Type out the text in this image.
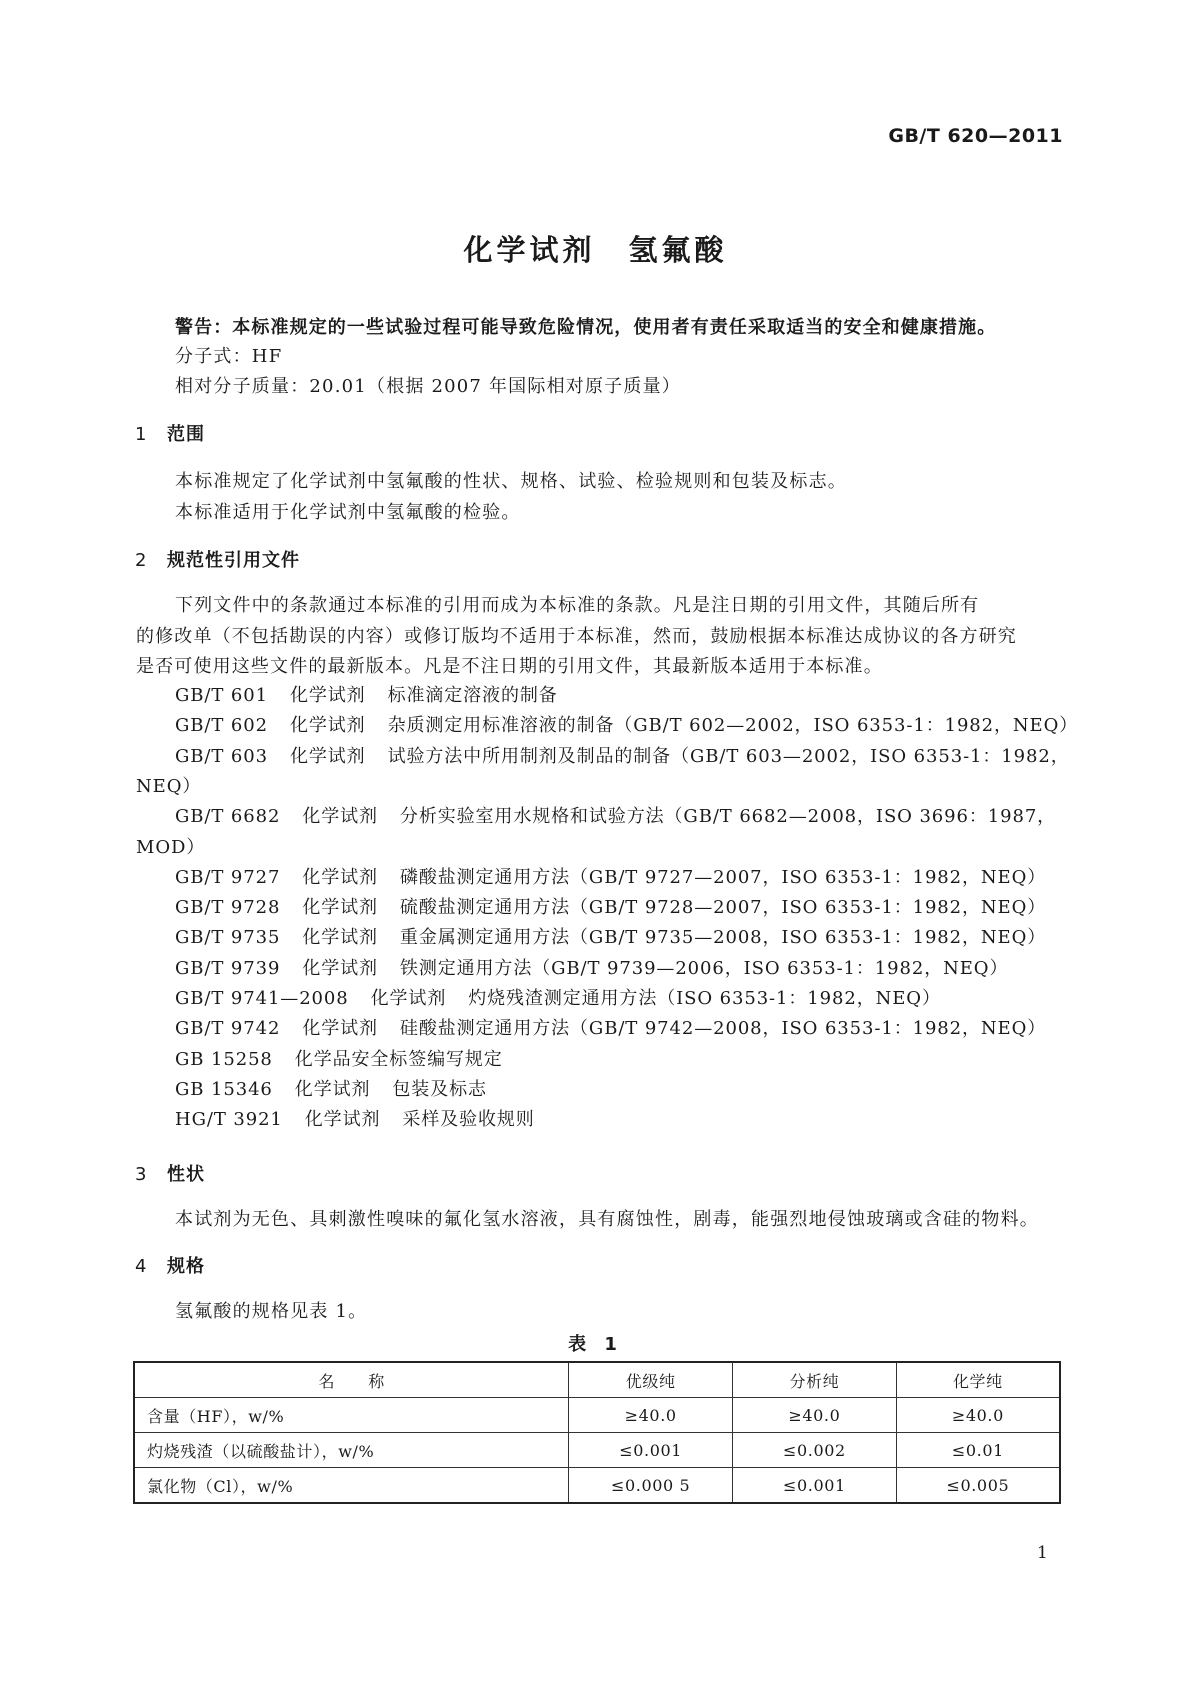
GB/T 620—2011
化学试剂　氢氟酸
警告：本标准规定的一些试验过程可能导致危险情况，使用者有责任采取适当的安全和健康措施。
分子式：HF
相对分子质量：20.01（根据 2007 年国际相对原子质量）
1 范围
本标准规定了化学试剂中氢氟酸的性状、规格、试验、检验规则和包装及标志。
本标准适用于化学试剂中氢氟酸的检验。
2 规范性引用文件
下列文件中的条款通过本标准的引用而成为本标准的条款。凡是注日期的引用文件，其随后所有
的修改单（不包括勘误的内容）或修订版均不适用于本标准，然而，鼓励根据本标准达成协议的各方研究
是否可使用这些文件的最新版本。凡是不注日期的引用文件，其最新版本适用于本标准。
GB/T 601 化学试剂 标准滴定溶液的制备
GB/T 602 化学试剂 杂质测定用标准溶液的制备（GB/T 602—2002，ISO 6353-1：1982，NEQ）
GB/T 603 化学试剂 试验方法中所用制剂及制品的制备（GB/T 603—2002，ISO 6353-1：1982，
NEQ）
GB/T 6682 化学试剂 分析实验室用水规格和试验方法（GB/T 6682—2008，ISO 3696：1987，
MOD）
GB/T 9727 化学试剂 磷酸盐测定通用方法（GB/T 9727—2007，ISO 6353-1：1982，NEQ）
GB/T 9728 化学试剂 硫酸盐测定通用方法（GB/T 9728—2007，ISO 6353-1：1982，NEQ）
GB/T 9735 化学试剂 重金属测定通用方法（GB/T 9735—2008，ISO 6353-1：1982，NEQ）
GB/T 9739 化学试剂 铁测定通用方法（GB/T 9739—2006，ISO 6353-1：1982，NEQ）
GB/T 9741—2008 化学试剂 灼烧残渣测定通用方法（ISO 6353-1：1982，NEQ）
GB/T 9742 化学试剂 硅酸盐测定通用方法（GB/T 9742—2008，ISO 6353-1：1982，NEQ）
GB 15258 化学品安全标签编写规定
GB 15346 化学试剂 包装及标志
HG/T 3921 化学试剂 采样及验收规则
3 性状
本试剂为无色、具刺激性嗅味的氟化氢水溶液，具有腐蚀性，剧毒，能强烈地侵蚀玻璃或含硅的物料。
4 规格
氢氟酸的规格见表 1。
表 1
名　　称	优级纯	分析纯	化学纯
含量（HF），w/%	≥40.0	≥40.0	≥40.0
灼烧残渣（以硫酸盐计），w/%	≤0.001	≤0.002	≤0.01
氯化物（Cl），w/%	≤0.000 5	≤0.001	≤0.005
1
